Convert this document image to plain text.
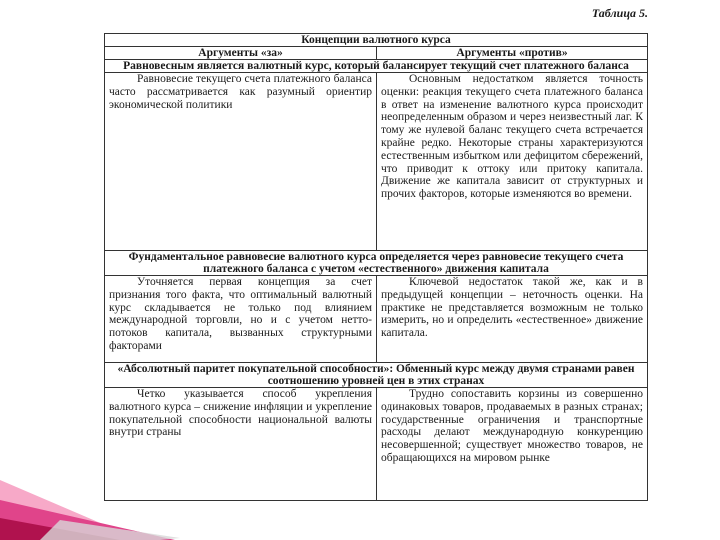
Таблица 5.
Концепции валютного курса
Аргументы «за»	Аргументы «против»
Равновесным является валютный курс, который балансирует текущий счет платежного баланса
Равновесие текущего счета платежного баланса часто рассматривается как разумный ориентир экономической политики
Основным недостатком является точность оценки: реакция текущего счета платежного баланса в ответ на изменение валютного курса происходит неопределенным образом и через неизвестный лаг. К тому же нулевой баланс текущего счета встречается крайне редко. Некоторые страны характеризуются естественным избытком или дефицитом сбережений, что приводит к оттоку или притоку капитала. Движение же капитала зависит от структурных и прочих факторов, которые изменяются во времени.
Фундаментальное равновесие валютного курса определяется через равновесие текущего счета платежного баланса с учетом «естественного» движения капитала
Уточняется первая концепция за счет признания того факта, что оптимальный валютный курс складывается не только под влиянием международной торговли, но и с учетом нетто-потоков капитала, вызванных структурными факторами
Ключевой недостаток такой же, как и в предыдущей концепции – неточность оценки. На практике не представляется возможным не только измерить, но и определить «естественное» движение капитала.
«Абсолютный паритет покупательной способности»: Обменный курс между двумя странами равен соотношению уровней цен в этих странах
Четко указывается способ укрепления валютного курса – снижение инфляции и укрепление покупательной способности национальной валюты внутри страны
Трудно сопоставить корзины из совершенно одинаковых товаров, продаваемых в разных странах; государственные ограничения и транспортные расходы делают международную конкуренцию несовершенной; существует множество товаров, не обращающихся на мировом рынке
